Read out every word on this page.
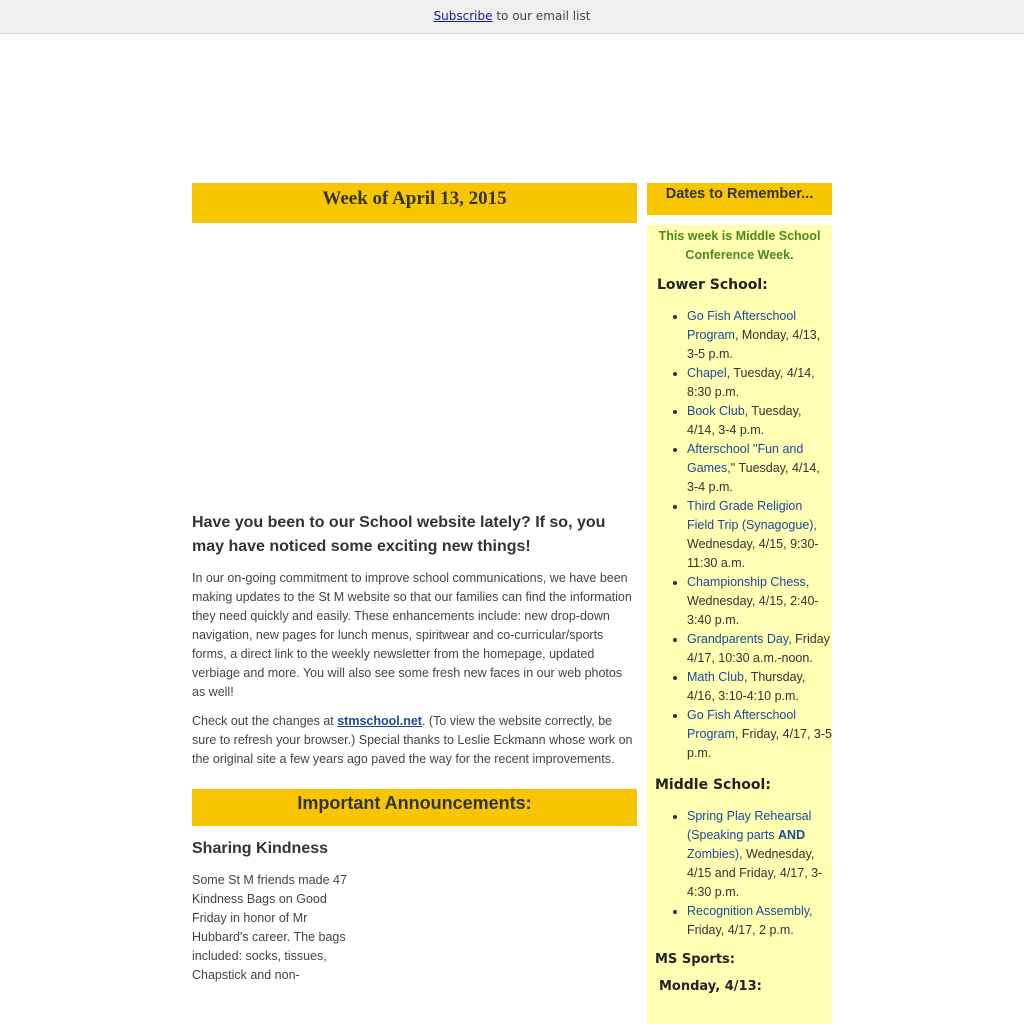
Subscribe to our email list
Week of April 13, 2015
Have you been to our School website lately? If so, you may have noticed some exciting new things!

In our on-going commitment to improve school communications, we have been making updates to the St M website so that our families can find the information they need quickly and easily. These enhancements include: new drop-down navigation, new pages for lunch menus, spiritwear and co-curricular/sports forms, a direct link to the weekly newsletter from the homepage, updated verbiage and more. You will also see some fresh new faces in our web photos as well!

Check out the changes at stmschool.net. (To view the website correctly, be sure to refresh your browser.) Special thanks to Leslie Eckmann whose work on the original site a few years ago paved the way for the recent improvements.

Important Announcements:
Sharing Kindness
Some St M friends made 47 Kindness Bags on Good Friday in honor of Mr Hubbard's career. The bags included: socks, tissues, Chapstick and non-
Dates to Remember...
This week is Middle School Conference Week.
Lower School:
• Go Fish Afterschool Program, Monday, 4/13, 3-5 p.m.
• Chapel, Tuesday, 4/14, 8:30 p.m.
• Book Club, Tuesday, 4/14, 3-4 p.m.
• Afterschool "Fun and Games," Tuesday, 4/14, 3-4 p.m.
• Third Grade Religion Field Trip (Synagogue), Wednesday, 4/15, 9:30-11:30 a.m.
• Championship Chess, Wednesday, 4/15, 2:40-3:40 p.m.
• Grandparents Day, Friday 4/17, 10:30 a.m.-noon.
• Math Club, Thursday, 4/16, 3:10-4:10 p.m.
• Go Fish Afterschool Program, Friday, 4/17, 3-5 p.m.
Middle School:
• Spring Play Rehearsal (Speaking parts AND Zombies), Wednesday, 4/15 and Friday, 4/17, 3-4:30 p.m.
• Recognition Assembly, Friday, 4/17, 2 p.m.
MS Sports:
Monday, 4/13:
